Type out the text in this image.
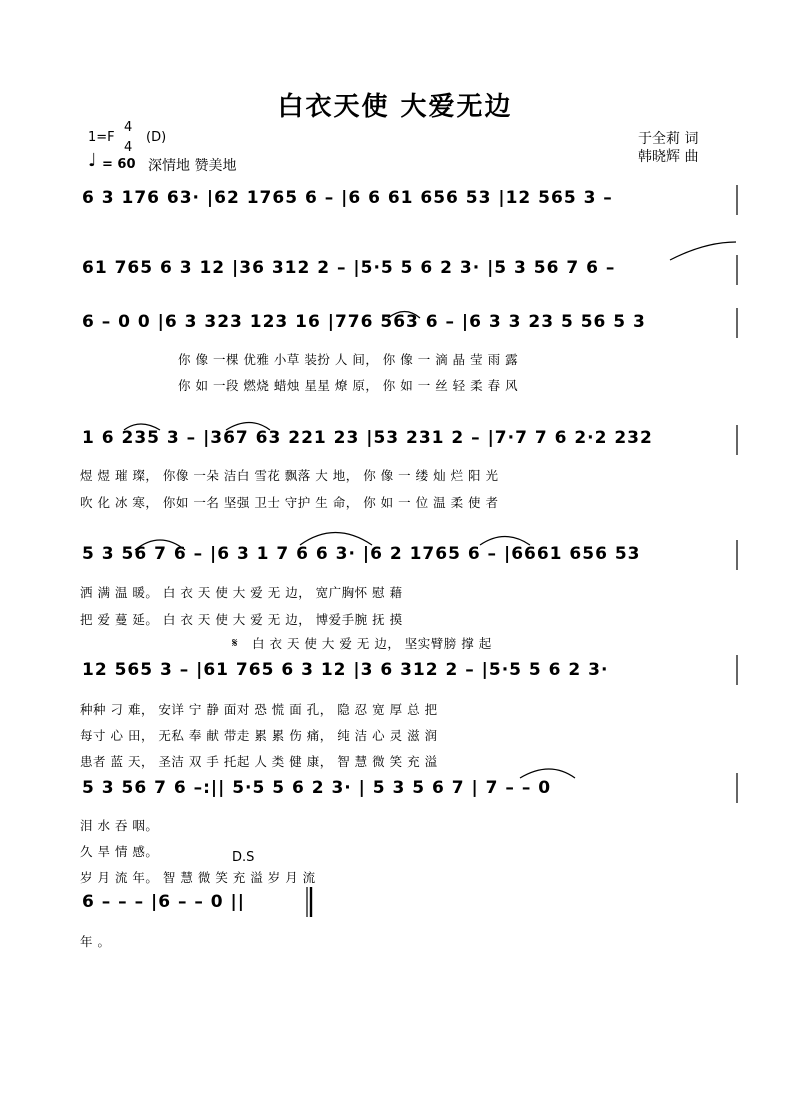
白衣天使 大爱无边
1=F
4
4
(D)
♩ = 60 深情地 赞美地
于全莉 词
韩晓辉 曲
6 3 176 63· |62 1765 6 – |6 6 61 656 53 |12 565 3 –
61 765 6 3 12 |36 312 2 – |5·5 5 6 2 3· |5 3 56 7 6 –
6 – 0 0 |6 3 323 123 16 |776 563 6 – |6 3 3 23 5 56 5 3
你 像 一棵 优雅 小草 装扮 人 间， 你 像 一 滴 晶 莹 雨 露
你 如 一段 燃烧 蜡烛 星星 燎 原， 你 如 一 丝 轻 柔 春 风
1 6 235 3 – |367 63 221 23 |53 231 2 – |7·7 7 6 2·2 232
煜 煜 璀 璨， 你像 一朵 洁白 雪花 飘落 大 地， 你 像 一 缕 灿 烂 阳 光
吹 化 冰 寒， 你如 一名 坚强 卫士 守护 生 命， 你 如 一 位 温 柔 使 者
5 3 56 7 6 – |6 3 1 7 6 6 3· |6 2 1765 6 – |6661 656 53
洒 满 温 暖。 白 衣 天 使 大 爱 无 边， 宽广胸怀 慰 藉
把 爱 蔓 延。 白 衣 天 使 大 爱 无 边， 博爱手腕 抚 摸
𝄋 白 衣 天 使 大 爱 无 边， 坚实臂膀 撑 起
12 565 3 – |61 765 6 3 12 |3 6 312 2 – |5·5 5 6 2 3·
种种 刁 难， 安详 宁 静 面对 恐 慌 面 孔， 隐 忍 宽 厚 总 把
每寸 心 田， 无私 奉 献 带走 累 累 伤 痛， 纯 洁 心 灵 滋 润
患者 蓝 天， 圣洁 双 手 托起 人 类 健 康， 智 慧 微 笑 充 溢
5 3 56 7 6 –:|| 5·5 5 6 2 3· | 5 3 5 6 7 | 7 – – 0
泪 水 吞 咽。
久 旱 情 感。	D.S
岁 月 流 年。 智 慧 微 笑 充 溢 岁 月 流
6 – – – |6 – – 0 ||
年 。
